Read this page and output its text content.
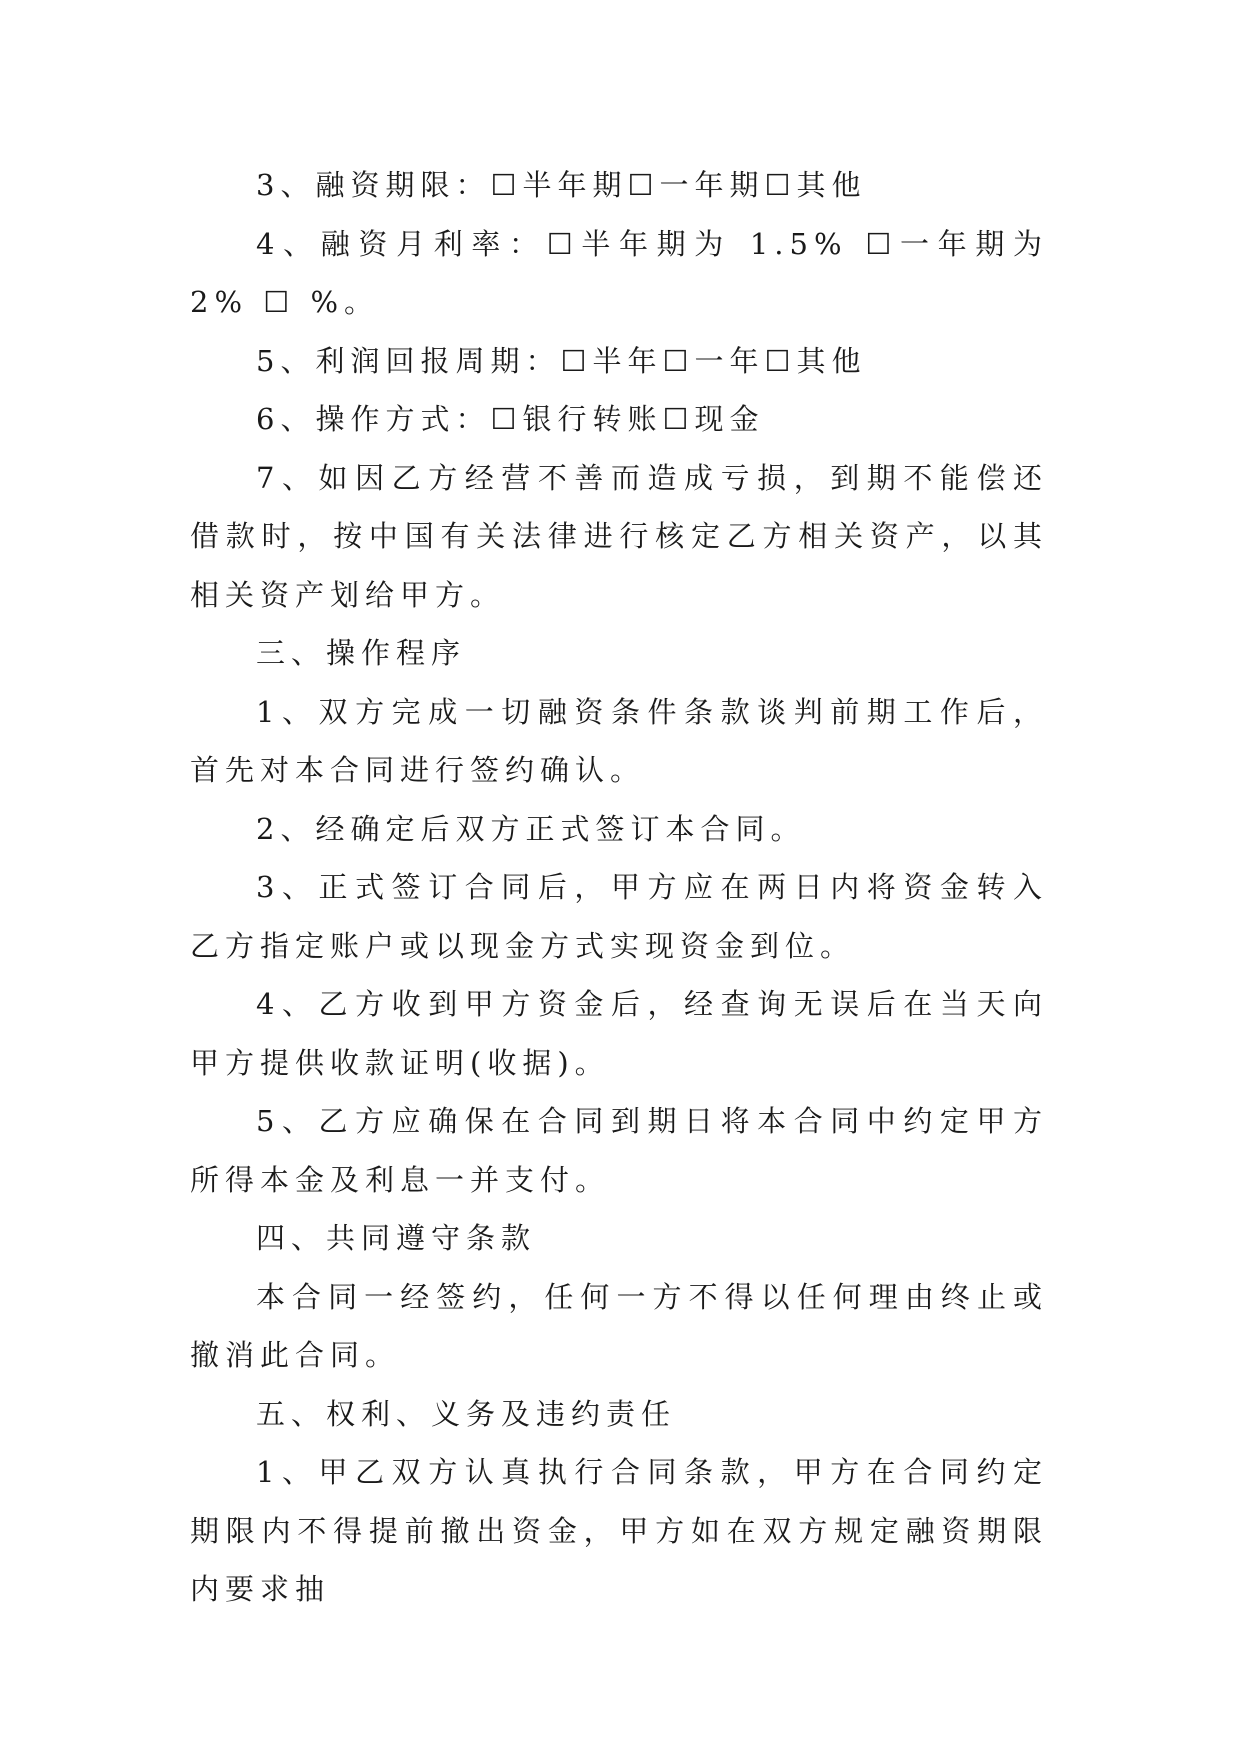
3、融资期限：☐半年期☐一年期☐其他

4、融资月利率：☐半年期为 1.5% ☐一年期为 2% ☐ %。

5、利润回报周期：☐半年☐一年☐其他

6、操作方式：☐银行转账☐现金

7、如因乙方经营不善而造成亏损，到期不能偿还借款时，按中国有关法律进行核定乙方相关资产，以其相关资产划给甲方。

三、操作程序

1、双方完成一切融资条件条款谈判前期工作后，首先对本合同进行签约确认。

2、经确定后双方正式签订本合同。

3、正式签订合同后，甲方应在两日内将资金转入乙方指定账户或以现金方式实现资金到位。

4、乙方收到甲方资金后，经查询无误后在当天向甲方提供收款证明(收据)。

5、乙方应确保在合同到期日将本合同中约定甲方所得本金及利息一并支付。

四、共同遵守条款

本合同一经签约，任何一方不得以任何理由终止或撤消此合同。

五、权利、义务及违约责任

1、甲乙双方认真执行合同条款，甲方在合同约定期限内不得提前撤出资金，甲方如在双方规定融资期限内要求抽
